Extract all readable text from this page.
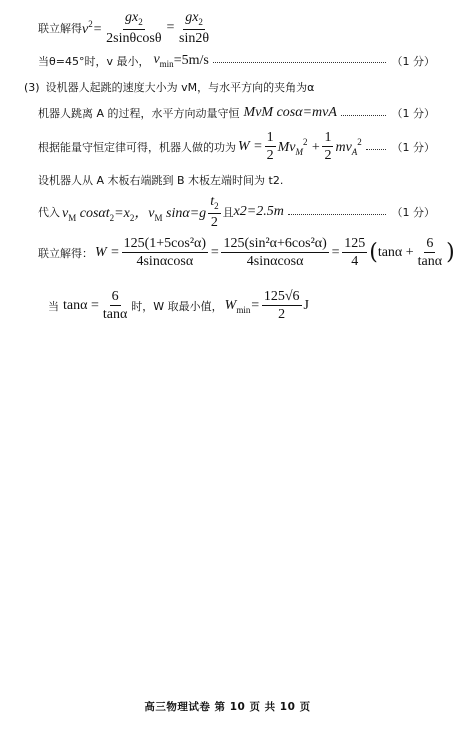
联立解得 $v^2= \frac{gx_2}{2\sin\theta\cos\theta} = \frac{gx_2}{\sin 2\theta}$
当θ=45°时，v 最小， $v_{min} =5m/s$	（1 分）
(3) 设机器人起跳的速度大小为 vM，与水平方向的夹角为α
机器人跳离 A 的过程，水平方向动量守恒 MvM cosα=mvA	（1 分）
根据能量守恒定律可得，机器人做的功为 $W = \frac{1}{2} Mv_M^2 + \frac{1}{2} mv_A^2$	（1 分）
设机器人从 A 木板右端跳到 B 木板左端时间为 t2.
代入 $v_M$ $\cos\alpha t_2=x_2$，$v_M$ $\sin\alpha=g \frac{t_2}{2}$ 且 x2=2.5m	（1 分）
联立解得： $W = \frac{\text{125(1+5cos²α)}}{4\sin\alpha\cos\alpha} = \frac{\text{125(sin²α+6cos²α)}}{4\sin\alpha\cos\alpha} = \frac{125}{4}$ ( $\tan\alpha + \frac{6}{\tan\alpha}$ )
当 $\tan\alpha = \frac{6}{\tan\alpha}$ 时，W 取最小值， $W_{min}= \frac{125√6}{2}$ J
高三物理试卷 第 10 页 共 10 页
